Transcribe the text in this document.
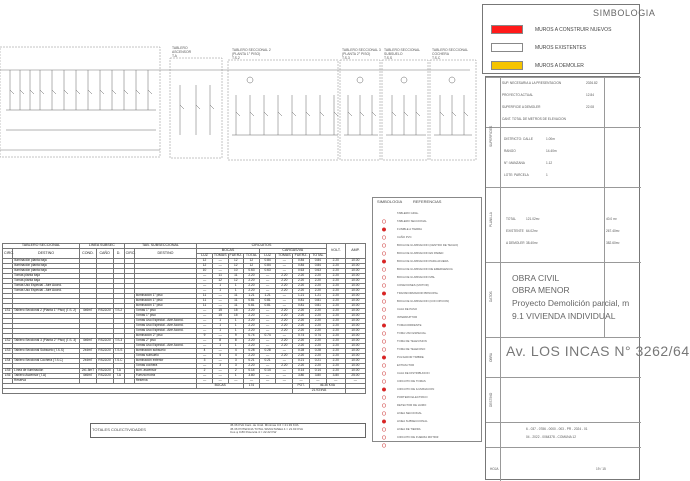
TABLERO
ASCENSOR
T.A
TABLERO SECCIONAL 2
(PLANTA 1° PISO)
T.S.2
TABLERO SECCIONAL 3
(PLANTA 2° PISO)
T.S.3
TABLERO SECCIONAL
SUBSUELO
T.S.S
TABLERO SECCIONAL
COCHERA
T.S.C
SIMBOLOGIA
MUROS A CONSTRUIR NUEVOS
MUROS EXISTENTES
MUROS A DEMOLER
TABLERO SECCIONAL		LINEA SUBSEC			TAB. SUBSECCIONAL		CIRCUITOS								VOLT.	AMP.
CIRC.	DESTINO	COND.	CAÑO	D.	CIRC.	DESTINO	BOCAS				CARGAS/VA					
							LUZ	TOMAS	FUERZ.	TOTAL	LUZ	TOMAS	FUERZ.	TOTAL		
	Iluminación planta baja						12	—	12	12	0.84	—	0.84	0.84	2.20	10.00
	Iluminación planta baja						12	—	12	12	0.84	—	0.84	0.84	2.20	10.00
	Iluminación planta baja						10	—	10	0.63	0.63	—	0.63	0.63	2.20	10.00
	Tomas planta baja						—	11	11	2.20	—	2.20	2.20	2.20	2.20	10.00
	Tomas planta baja						—	12	12	2.20	—	2.20	2.20	2.20	2.20	10.00
	Tomas Uso Especial - Aire Acond.						—	1	1	2.20	—	2.20	2.20	2.20	2.20	10.00
	Tomas Uso Especial - Aire Acond.						—	1	1	2.20	—	2.20	2.20	2.20	2.20	10.00
						Iluminación 1° piso	11	—	11	1.21	1.21	—	1.21	1.21	2.20	10.00
						Iluminación 1° piso	11	—	11	0.81	0.81	—	0.81	0.81	2.20	10.00
						Iluminación 1° piso	11	—	11	0.81	0.81	—	0.81	0.81	2.20	10.00
LS1	Tablero Seccional 2 (Planta 1° Piso) (T.S. 2)	4x6mT	RS22/20	T.S.2		Tomas 1° piso	—	15	15	2.20	—	2.20	2.20	2.20	2.20	10.00
						Tomas 1° piso	—	15	15	2.20	—	2.20	2.20	2.20	2.20	10.00
						Tomas Uso Especial - Aire Acond.	—	1	1	2.20	—	2.20	2.20	2.20	2.20	10.00
						Tomas Uso Especial - Aire Acond.	—	1	1	2.20	—	2.20	2.20	2.20	2.20	10.00
						Tomas Uso Especial - Aire Acond.	—	1	1	2.20	—	2.20	2.20	2.20	2.20	10.00
						Iluminación 2° piso	9	—	9	0.74	0.74	—	0.74	0.74	2.20	10.00
LS2	Tablero Seccional 3 (Planta 2° Piso) (T.S. 3)	4x6mT	RS22/20	T.S.3		Tomas 2° piso	—	8	8	2.20	—	2.20	2.20	2.20	2.20	10.00
						Tomas Uso Especial - Aire Acond.	—	1	1	2.20	—	2.20	2.20	2.20	2.20	10.00
LS3	Tablero Seccional Subsuelo (T.S.S)	2x4mT	RS22/20	T.S.S		Iluminación subsuelo	4	—	4	0.28	0.28	—	0.28	0.28	2.20	10.00
						Tomas subsuelo	—	4	4	2.20	—	2.20	2.20	2.20	2.20	10.00
LS4	Tablero Seccional Cochera (T.S.C)	2x4mT	RS22/20	T.S.C		Iluminación exterior	3	—	3	0.21	0.21	—	0.21	0.21	2.20	10.00
						Tomas cochera	—	3	3	2.20	—	2.20	2.20	2.20	2.20	10.00
LS5	Línea de iluminación	2x1.5mT	RS22/20	T.A		Ilum. ascensor	2	—	2	0.14	0.14	—	0.14	0.14	2.20	10.00
LS6	Tablero Ascensor (T.A)	4x6mT	RS22/20	T.A		Fuerza motriz	—	—	1	3.80	—	—	3.80	3.80	3.80	25.00
	Reserva					Reserva	—	—	—	—	—	—	—	—	—	—
							BOCAS			174			POT.	46.36 KVA		
													21.93 kVA			
TOTALES COLECTIVIDADES
45.36 KVA Cant. de Unid. Mínimas 0.6 = 21.93 KVA
45.36 POTENCIA TOTAL SIMULTANEA 4 = 21.93 KVA
Cos φ 0.80 Potencia 4 = 22.22 KW
SIMBOLOGIA	REFERENCIAS
TABLERO GRAL.
TABLERO SECCIONAL
FUSIBLE A TIERRA
CAÑO PVC
BOCA DE ILUMINACION (CENTRO DE TECHO)
BOCA DE ILUMINACION EN PARED
BOCA DE ILUMINACION PARA AFUERA
BOCA DE ILUMINACION DE EMERGENCIA
BOCA DE ILUMINACION MSL
CONEXIONES (MOTOR)
TRANSFORMADOR PRINCIPAL
BOCA DE ILUMINACION (CON OPCION)
CAJA DE PASO
INTERRUPTOR
TOMACORRIENTE
TOMA USO ESPECIAL
TOMA DE TELEVISION
TOMA DE TELEFONO
PULSADOR TIMBRE
EXTRACTOR
CAJA DE DISTRIBUCION
CIRCUITO DE TOMAS
CIRCUITO DE ILUMINACION
PORTERO ELECTRICO
DETECTOR DE HUMO
LINEA SECCIONAL
LINEA SUBSECCIONAL
LINEA DE TIERRA
CIRCUITO DE FUERZA MOTRIZ
SUP. NECESARIA A LA PRESENTACION	2026.82
PROYECTO ACTUAL	12.84
SUPERFICIE A DEMOLER	22.08
CANT. TOTAL DE METROS DE ELEVACION
SUPERFICIES
PLANILLA
DATOS
OBRA
DESTINO
DISTRICTO: CALLE	1.00m
RANGO	14.40m
N°: MANZANA	1.12
LOTE: PARCELA	1
TOTAL	121.02m²
EXISTENTE 64.02m²
A DEMOLER 38.40m²
40.0 m²
267.40m²
382.60m²
OBRA CIVIL
OBRA MENOR
Proyecto Demolición parcial, m
9.1 VIVIENDA INDIVIDUAL
Av. LOS INCAS N° 3262/64
6 - 037 - 0786 - 0000 - 003 - PR - 2024 - 01
04 - 2022 - 0064378 - COMUNA 12
HOJA	19 / 15
